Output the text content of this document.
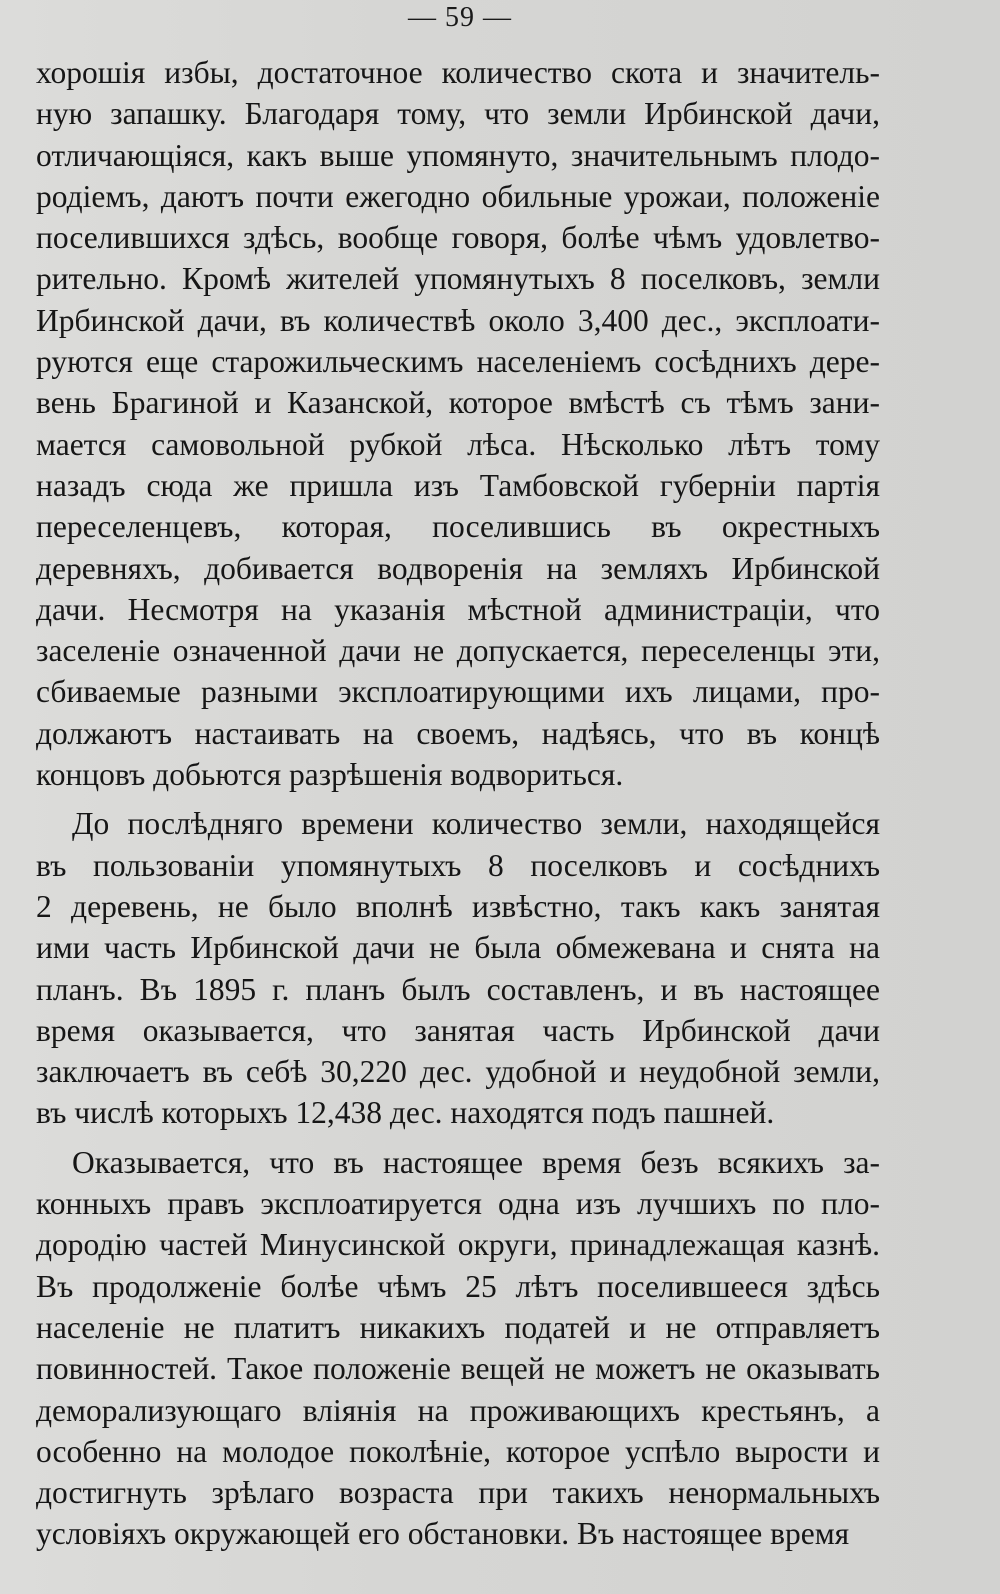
— 59 —
хорошія избы, достаточное количество скота и значитель-
ную запашку. Благодаря тому, что земли Ирбинской дачи,
отличающіяся, какъ выше упомянуто, значительнымъ плодо-
родіемъ, даютъ почти ежегодно обильные урожаи, положеніе
поселившихся здѣсь, вообще говоря, болѣе чѣмъ удовлетво-
рительно. Кромѣ жителей упомянутыхъ 8 поселковъ, земли
Ирбинской дачи, въ количествѣ около 3,400 дес., эксплоати-
руются еще старожильческимъ населеніемъ сосѣднихъ дере-
вень Брагиной и Казанской, которое вмѣстѣ съ тѣмъ зани-
мается самовольной рубкой лѣса. Нѣсколько лѣтъ тому
назадъ сюда же пришла изъ Тамбовской губерніи партія
переселенцевъ, которая, поселившись въ окрестныхъ
деревняхъ, добивается водворенія на земляхъ Ирбинской
дачи. Несмотря на указанія мѣстной администраціи, что
заселеніе означенной дачи не допускается, переселенцы эти,
сбиваемые разными эксплоатирующими ихъ лицами, про-
должаютъ настаивать на своемъ, надѣясь, что въ концѣ
концовъ добьются разрѣшенія водвориться.
До послѣдняго времени количество земли, находящейся
въ пользованіи упомянутыхъ 8 поселковъ и сосѣднихъ
2 деревень, не было вполнѣ извѣстно, такъ какъ занятая
ими часть Ирбинской дачи не была обмежевана и снята на
планъ. Въ 1895 г. планъ былъ составленъ, и въ настоящее
время оказывается, что занятая часть Ирбинской дачи
заключаетъ въ себѣ 30,220 дес. удобной и неудобной земли,
въ числѣ которыхъ 12,438 дес. находятся подъ пашней.
Оказывается, что въ настоящее время безъ всякихъ за-
конныхъ правъ эксплоатируется одна изъ лучшихъ по пло-
дородію частей Минусинской округи, принадлежащая казнѣ.
Въ продолженіе болѣе чѣмъ 25 лѣтъ поселившееся здѣсь
населеніе не платитъ никакихъ податей и не отправляетъ
повинностей. Такое положеніе вещей не можетъ не оказывать
деморализующаго вліянія на проживающихъ крестьянъ, а
особенно на молодое поколѣніе, которое успѣло вырости и
достигнуть зрѣлаго возраста при такихъ ненормальныхъ
условіяхъ окружающей его обстановки. Въ настоящее время
